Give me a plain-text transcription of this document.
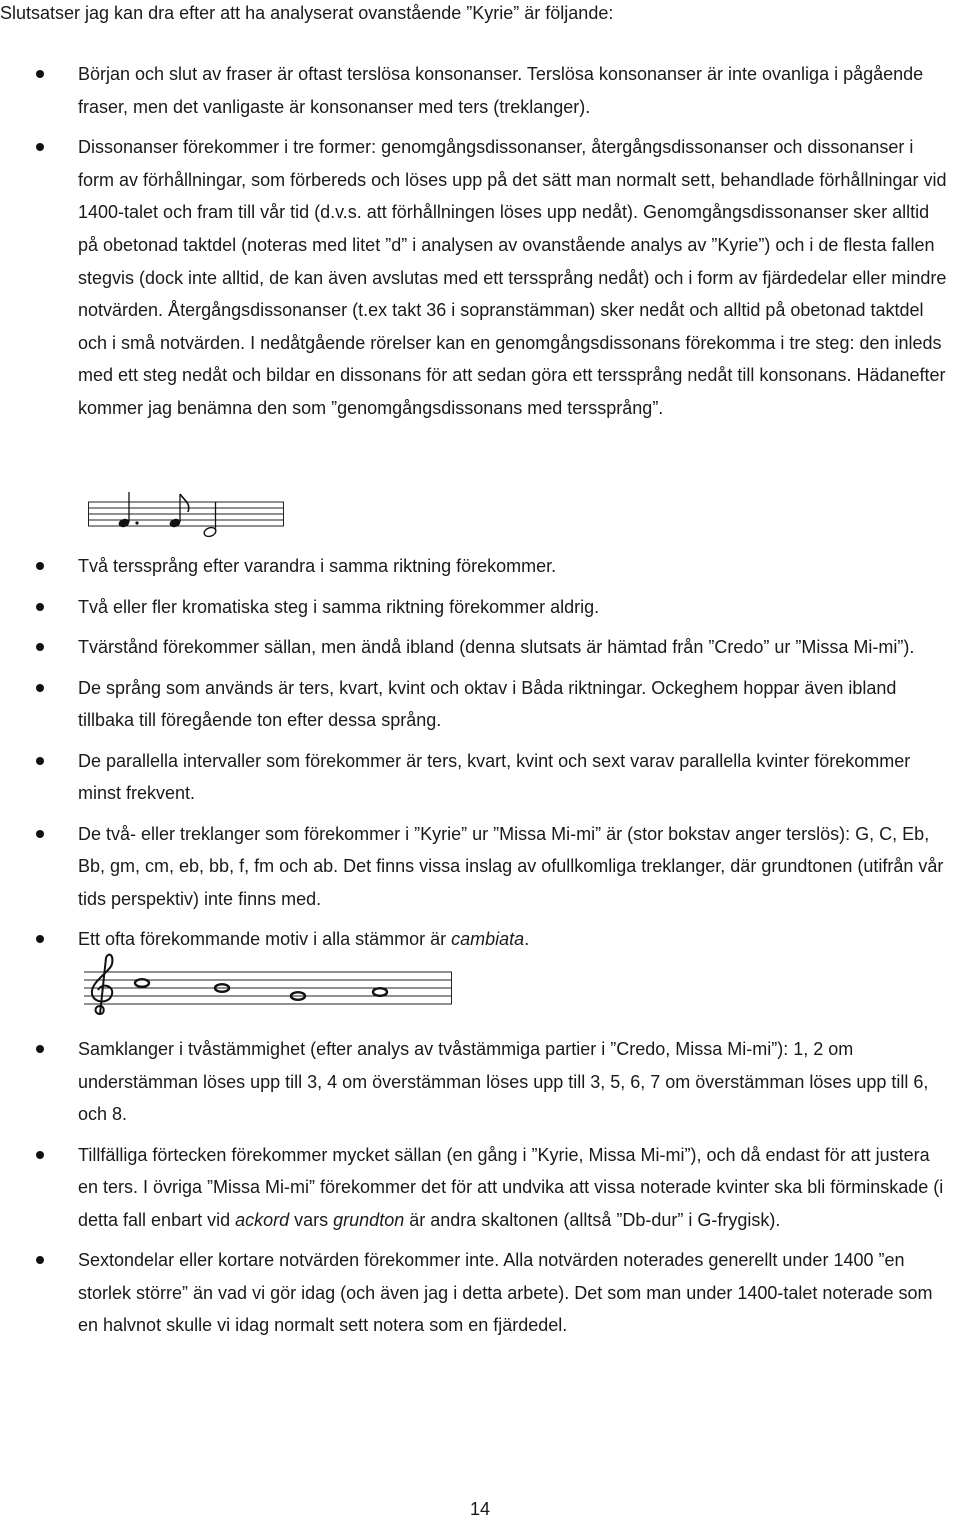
Slutsatser jag kan dra efter att ha analyserat ovanstående ”Kyrie” är följande:

Början och slut av fraser är oftast terslösa konsonanser. Terslösa konsonanser är inte ovanliga i pågående fraser, men det vanligaste är konsonanser med ters (treklanger).

Dissonanser förekommer i tre former: genomgångsdissonanser, återgångsdissonanser och dissonanser i form av förhållningar, som förbereds och löses upp på det sätt man normalt sett, behandlade förhållningar vid 1400-talet och fram till vår tid (d.v.s. att förhållningen löses upp nedåt). Genomgångsdissonanser sker alltid på obetonad taktdel (noteras med litet ”d” i analysen av ovanstående analys av ”Kyrie”) och i de flesta fallen stegvis (dock inte alltid, de kan även avslutas med ett terssprång nedåt) och i form av fjärdedelar eller mindre notvärden. Återgångsdissonanser (t.ex takt 36 i sopranstämman) sker nedåt och alltid på obetonad taktdel och i små notvärden. I nedåtgående rörelser kan en genomgångsdissonans förekomma i tre steg: den inleds med ett steg nedåt och bildar en dissonans för att sedan göra ett terssprång nedåt till konsonans. Hädanefter kommer jag benämna den som ”genomgångsdissonans med terssprång”.

Två terssprång efter varandra i samma riktning förekommer.

Två eller fler kromatiska steg i samma riktning förekommer aldrig.

Tvärstånd förekommer sällan, men ändå ibland (denna slutsats är hämtad från ”Credo” ur ”Missa Mi-mi”).

De språng som används är ters, kvart, kvint och oktav i Båda riktningar. Ockeghem hoppar även ibland tillbaka till föregående ton efter dessa språng.

De parallella intervaller som förekommer är ters, kvart, kvint och sext varav parallella kvinter förekommer minst frekvent.

De två- eller treklanger som förekommer i ”Kyrie” ur ”Missa Mi-mi” är (stor bokstav anger terslös): G, C, Eb, Bb, gm, cm, eb, bb, f, fm och ab. Det finns vissa inslag av ofullkomliga treklanger, där grundtonen (utifrån vår tids perspektiv) inte finns med.

Ett ofta förekommande motiv i alla stämmor är cambiata.

Samklanger i tvåstämmighet (efter analys av tvåstämmiga partier i ”Credo, Missa Mi-mi”): 1, 2 om understämman löses upp till 3, 4 om överstämman löses upp till 3, 5, 6, 7 om överstämman löses upp till 6, och 8.

Tillfälliga förtecken förekommer mycket sällan (en gång i ”Kyrie, Missa Mi-mi”), och då endast för att justera en ters. I övriga ”Missa Mi-mi” förekommer det för att undvika att vissa noterade kvinter ska bli förminskade (i detta fall enbart vid ackord vars grundton är andra skaltonen (alltså ”Db-dur” i G-frygisk).

Sextondelar eller kortare notvärden förekommer inte. Alla notvärden noterades generellt under 1400 ”en storlek större” än vad vi gör idag (och även jag i detta arbete). Det som man under 1400-talet noterade som en halvnot skulle vi idag normalt sett notera som en fjärdedel.

14
